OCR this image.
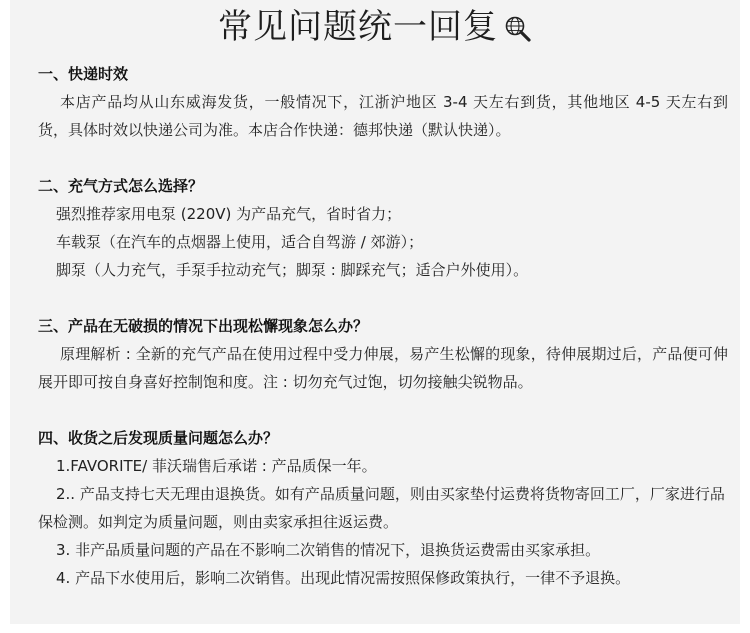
常见问题统一回复
一、快递时效
本店产品均从山东威海发货，一般情况下，江浙沪地区 3-4 天左右到货，其他地区 4-5 天左右到货，具体时效以快递公司为准。本店合作快递：德邦快递（默认快递）。
二、充气方式怎么选择？
强烈推荐家用电泵 (220V) 为产品充气，省时省力；
车载泵（在汽车的点烟器上使用，适合自驾游 / 郊游）；
脚泵（人力充气，手泵手拉动充气；脚泵 : 脚踩充气；适合户外使用）。
三、产品在无破损的情况下出现松懈现象怎么办？
原理解析 : 全新的充气产品在使用过程中受力伸展，易产生松懈的现象，待伸展期过后，产品便可伸展开即可按自身喜好控制饱和度。注 : 切勿充气过饱，切勿接触尖锐物品。
四、收货之后发现质量问题怎么办？
1.FAVORITE/ 菲沃瑞售后承诺 : 产品质保一年。
2.. 产品支持七天无理由退换货。如有产品质量问题，则由买家垫付运费将货物寄回工厂，厂家进行品保检测。如判定为质量问题，则由卖家承担往返运费。
3. 非产品质量问题的产品在不影响二次销售的情况下，退换货运费需由买家承担。
4. 产品下水使用后，影响二次销售。出现此情况需按照保修政策执行，一律不予退换。
